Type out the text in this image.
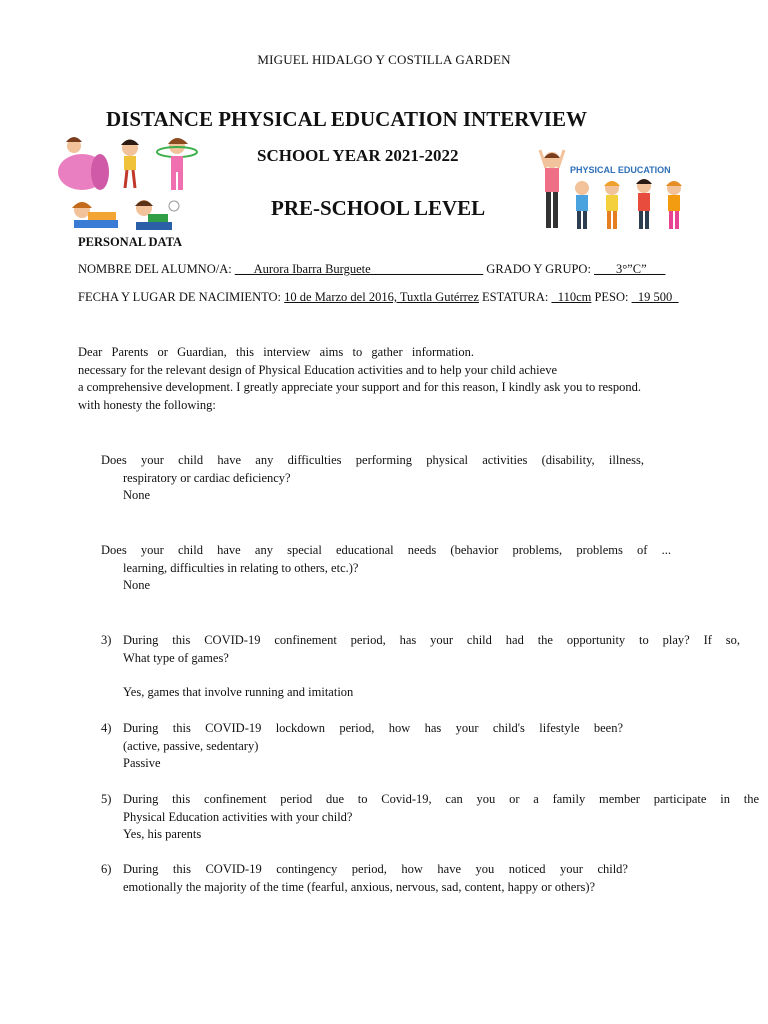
MIGUEL HIDALGO Y COSTILLA GARDEN
DISTANCE PHYSICAL EDUCATION INTERVIEW
SCHOOL YEAR 2021-2022
PRE-SCHOOL LEVEL
PHYSICAL EDUCATION
PERSONAL DATA
NOMBRE DEL ALUMNO/A: ___Aurora Ibarra Burguete__________________ GRADO Y GRUPO: ___ 3°”C”___
FECHA Y LUGAR DE NACIMIENTO: 10 de Marzo del 2016, Tuxtla Gutérrez ESTATURA: _110cm PESO: _19 500_
Dear Parents or Guardian, this interview aims to gather information.
necessary for the relevant design of Physical Education activities and to help your child achieve
a comprehensive development. I greatly appreciate your support and for this reason, I kindly ask you to respond.
with honesty the following:
Does your child have any difficulties performing physical activities (disability, illness,
respiratory or cardiac deficiency?
None
Does your child have any special educational needs (behavior problems, problems of ...
learning, difficulties in relating to others, etc.)?
None
3) During this COVID-19 confinement period, has your child had the opportunity to play? If so,
What type of games?
Yes, games that involve running and imitation
4) During this COVID-19 lockdown period, how has your child's lifestyle been?
(active, passive, sedentary)
Passive
5) During this confinement period due to Covid-19, can you or a family member participate in the
Physical Education activities with your child?
Yes, his parents
6) During this COVID-19 contingency period, how have you noticed your child?
emotionally the majority of the time (fearful, anxious, nervous, sad, content, happy or others)?
